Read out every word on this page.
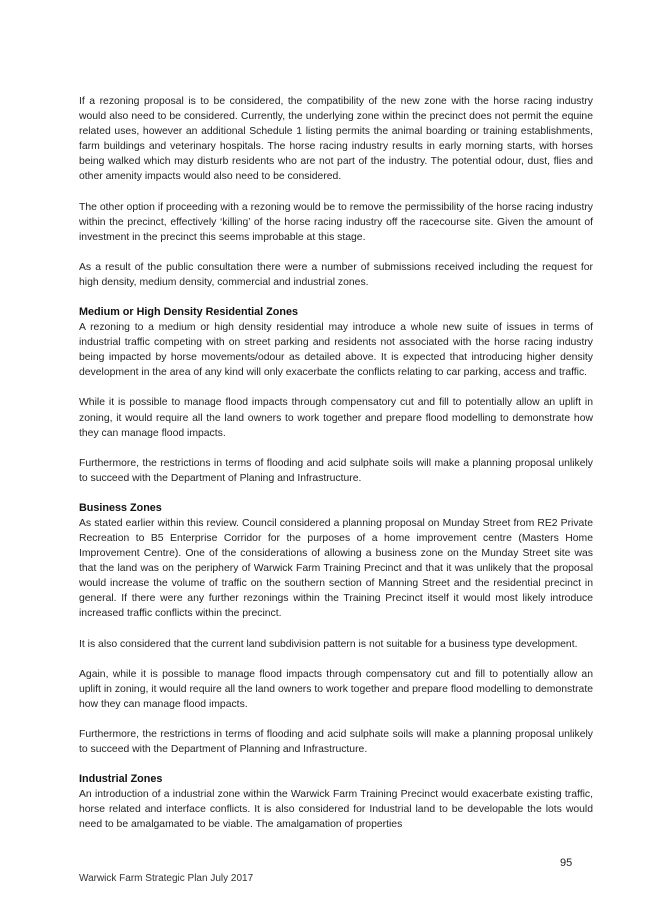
If a rezoning proposal is to be considered, the compatibility of the new zone with the horse racing industry would also need to be considered. Currently, the underlying zone within the precinct does not permit the equine related uses, however an additional Schedule 1 listing permits the animal boarding or training establishments, farm buildings and veterinary hospitals. The horse racing industry results in early morning starts, with horses being walked which may disturb residents who are not part of the industry. The potential odour, dust, flies and other amenity impacts would also need to be considered.

The other option if proceeding with a rezoning would be to remove the permissibility of the horse racing industry within the precinct, effectively ‘killing’ of the horse racing industry off the racecourse site. Given the amount of investment in the precinct this seems improbable at this stage.

As a result of the public consultation there were a number of submissions received including the request for high density, medium density, commercial and industrial zones.

Medium or High Density Residential Zones

A rezoning to a medium or high density residential may introduce a whole new suite of issues in terms of industrial traffic competing with on street parking and residents not associated with the horse racing industry being impacted by horse movements/odour as detailed above. It is expected that introducing higher density development in the area of any kind will only exacerbate the conflicts relating to car parking, access and traffic.

While it is possible to manage flood impacts through compensatory cut and fill to potentially allow an uplift in zoning, it would require all the land owners to work together and prepare flood modelling to demonstrate how they can manage flood impacts.

Furthermore, the restrictions in terms of flooding and acid sulphate soils will make a planning proposal unlikely to succeed with the Department of Planing and Infrastructure.

Business Zones

As stated earlier within this review. Council considered a planning proposal on Munday Street from RE2 Private Recreation to B5 Enterprise Corridor for the purposes of a home improvement centre (Masters Home Improvement Centre). One of the considerations of allowing a business zone on the Munday Street site was that the land was on the periphery of Warwick Farm Training Precinct and that it was unlikely that the proposal would increase the volume of traffic on the southern section of Manning Street and the residential precinct in general. If there were any further rezonings within the Training Precinct itself it would most likely introduce increased traffic conflicts within the precinct.

It is also considered that the current land subdivision pattern is not suitable for a business type development.

Again, while it is possible to manage flood impacts through compensatory cut and fill to potentially allow an uplift in zoning, it would require all the land owners to work together and prepare flood modelling to demonstrate how they can manage flood impacts.

Furthermore, the restrictions in terms of flooding and acid sulphate soils will make a planning proposal unlikely to succeed with the Department of Planning and Infrastructure.

Industrial Zones

An introduction of a industrial zone within the Warwick Farm Training Precinct would exacerbate existing traffic, horse related and interface conflicts. It is also considered for Industrial land to be developable the lots would need to be amalgamated to be viable. The amalgamation of properties

95
Warwick Farm Strategic Plan July 2017
